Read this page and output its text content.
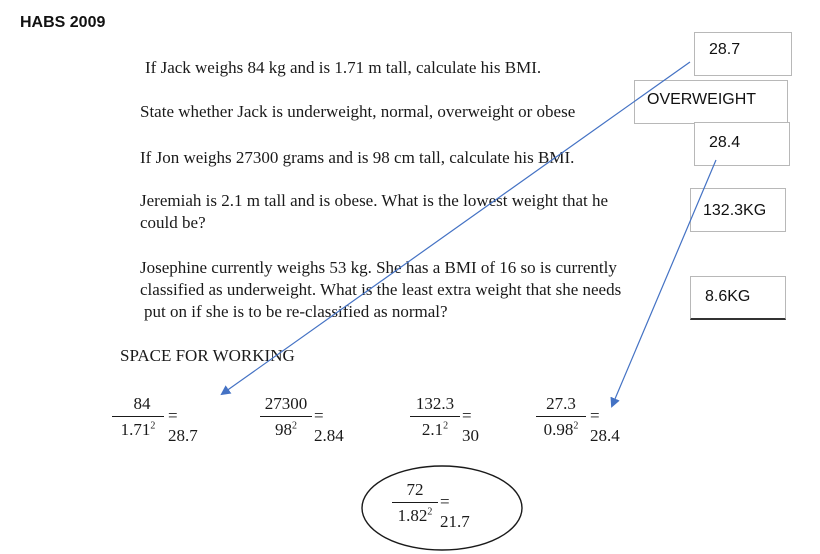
HABS 2009
If Jack weighs 84 kg and is 1.71 m tall, calculate his BMI.
State whether Jack is underweight, normal, overweight or obese
If Jon weighs 27300 grams and is 98 cm tall, calculate his BMI.
Jeremiah is 2.1 m tall and is obese. What is the lowest weight that he
could be?
Josephine currently weighs 53 kg. She has a BMI of 16 so is currently
classified as underweight. What is the least extra weight that she needs
put on if she is to be re-classified as normal?
28.7
OVERWEIGHT
28.4
132.3KG
8.6KG
SPACE FOR WORKING
84
$1.71^2$
= 28.7
27300
$98^2$
= 2.84
132.3
$2.1^2$
= 30
27.3
$0.98^2$
= 28.4
72
$1.82^2$
= 21.7
